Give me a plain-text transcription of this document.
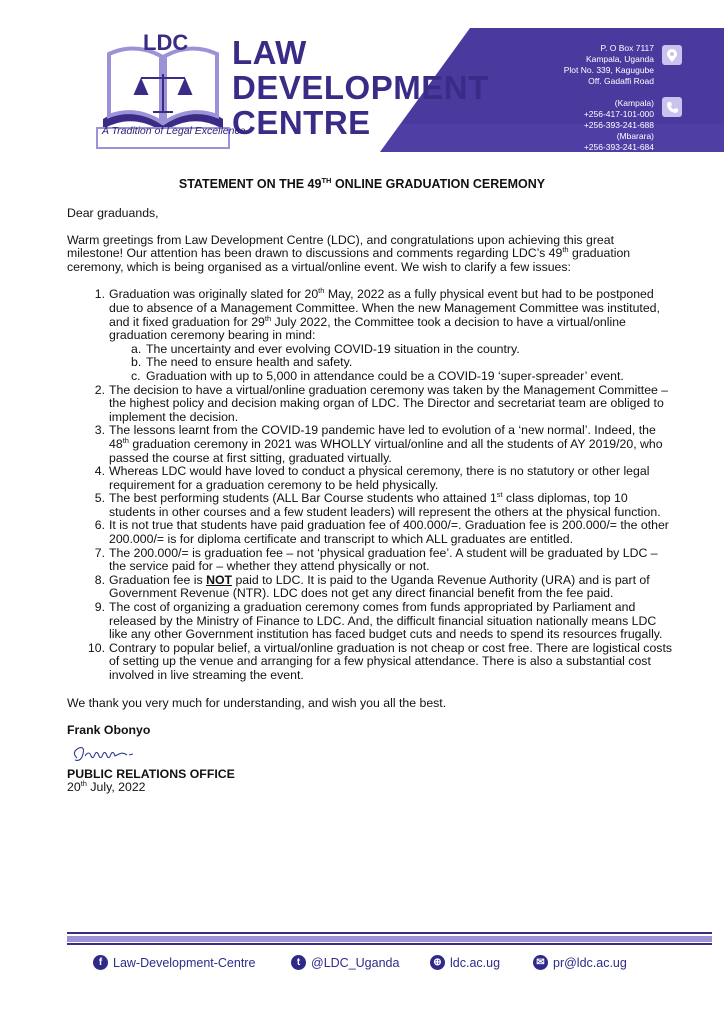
LDC LAW
DEVELOPMENT
CENTRE
A Tradition of Legal Excellence
P. O Box 7117
Kampala, Uganda
Plot No. 339, Kagugube
Off. Gadaffi Road
(Kampala)
+256-417-101-000
+256-393-241-688
(Mbarara)
+256-393-241-684
STATEMENT ON THE 49TH ONLINE GRADUATION CEREMONY

Dear graduands,

Warm greetings from Law Development Centre (LDC), and congratulations upon achieving this great milestone! Our attention has been drawn to discussions and comments regarding LDC’s 49th graduation ceremony, which is being organised as a virtual/online event. We wish to clarify a few issues:

1. Graduation was originally slated for 20th May, 2022 as a fully physical event but had to be postponed due to absence of a Management Committee. When the new Management Committee was instituted, and it fixed graduation for 29th July 2022, the Committee took a decision to have a virtual/online graduation ceremony bearing in mind:
a. The uncertainty and ever evolving COVID-19 situation in the country.
b. The need to ensure health and safety.
c. Graduation with up to 5,000 in attendance could be a COVID-19 ‘super-spreader’ event.
2. The decision to have a virtual/online graduation ceremony was taken by the Management Committee – the highest policy and decision making organ of LDC. The Director and secretariat team are obliged to implement the decision.
3. The lessons learnt from the COVID-19 pandemic have led to evolution of a ‘new normal’. Indeed, the 48th graduation ceremony in 2021 was WHOLLY virtual/online and all the students of AY 2019/20, who passed the course at first sitting, graduated virtually.
4. Whereas LDC would have loved to conduct a physical ceremony, there is no statutory or other legal requirement for a graduation ceremony to be held physically.
5. The best performing students (ALL Bar Course students who attained 1st class diplomas, top 10 students in other courses and a few student leaders) will represent the others at the physical function.
6. It is not true that students have paid graduation fee of 400.000/=. Graduation fee is 200.000/= the other 200.000/= is for diploma certificate and transcript to which ALL graduates are entitled.
7. The 200.000/= is graduation fee – not ‘physical graduation fee’. A student will be graduated by LDC – the service paid for – whether they attend physically or not.
8. Graduation fee is NOT paid to LDC. It is paid to the Uganda Revenue Authority (URA) and is part of Government Revenue (NTR). LDC does not get any direct financial benefit from the fee paid.
9. The cost of organizing a graduation ceremony comes from funds appropriated by Parliament and released by the Ministry of Finance to LDC. And, the difficult financial situation nationally means LDC like any other Government institution has faced budget cuts and needs to spend its resources frugally.
10. Contrary to popular belief, a virtual/online graduation is not cheap or cost free. There are logistical costs of setting up the venue and arranging for a few physical attendance. There is also a substantial cost involved in live streaming the event.

We thank you very much for understanding, and wish you all the best.

Frank Obonyo

PUBLIC RELATIONS OFFICE

20th July, 2022

f Law-Development-Centre	t @LDC_Uganda	⊕ ldc.ac.ug	✉ pr@ldc.ac.ug
